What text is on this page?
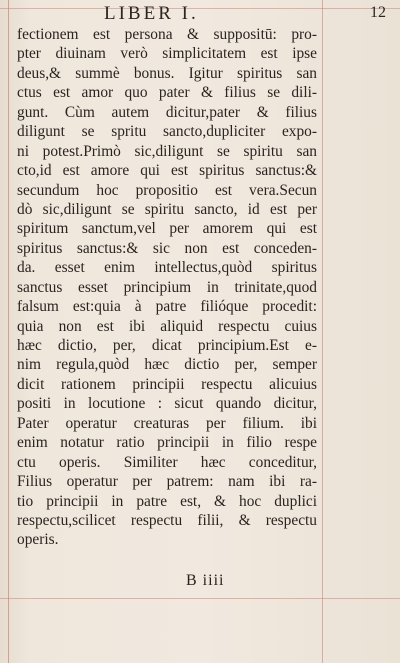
LIBER I.	12
fectionem est persona & suppositū: pro-
pter diuinam verò simplicitatem est ipse
deus,& summè bonus. Igitur spiritus san
ctus est amor quo pater & filius se dili-
gunt. Cùm autem dicitur,pater & filius
diligunt se spritu sancto,dupliciter expo-
ni potest.Primò sic,diligunt se spiritu san
cto,id est amore qui est spiritus sanctus:&
secundum hoc propositio est vera.Secun
dò sic,diligunt se spiritu sancto, id est per
spiritum sanctum,vel per amorem qui est
spiritus sanctus:& sic non est conceden-
da. esset enim intellectus,quòd spiritus
sanctus esset principium in trinitate,quod
falsum est:quia à patre filióque procedit:
quia non est ibi aliquid respectu cuius
hæc dictio, per, dicat principium.Est e-
nim regula,quòd hæc dictio per, semper
dicit rationem principii respectu alicuius
positi in locutione : sicut quando dicitur,
Pater operatur creaturas per filium. ibi
enim notatur ratio principii in filio respe
ctu operis. Similiter hæc conceditur,
Filius operatur per patrem: nam ibi ra-
tio principii in patre est, & hoc duplici
respectu,scilicet respectu filii, & respectu
operis.
B iiii
